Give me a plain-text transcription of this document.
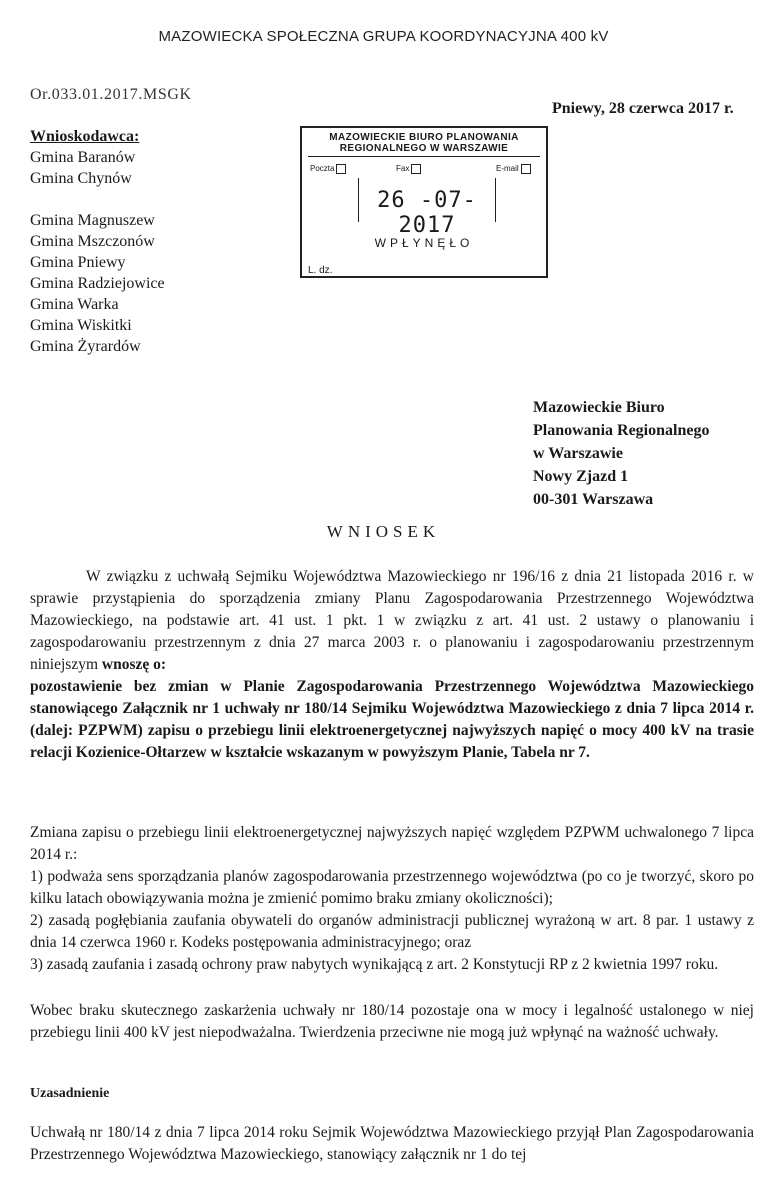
MAZOWIECKA SPOŁECZNA GRUPA KOORDYNACYJNA 400 kV
Or.033.01.2017.MSGK
Pniewy, 28 czerwca 2017 r.
Wnioskodawca:
Gmina Baranów
Gmina Chynów
Gmina Magnuszew
Gmina Mszczonów
Gmina Pniewy
Gmina Radziejowice
Gmina Warka
Gmina Wiskitki
Gmina Żyrardów
MAZOWIECKIE BIURO PLANOWANIA
REGIONALNEGO W WARSZAWIE
Poczta	Fax	E-mail
26 -07- 2017
WPŁYNĘŁO
L. dz.
Mazowieckie Biuro
Planowania Regionalnego
w Warszawie
Nowy Zjazd 1
00-301 Warszawa
WNIOSEK
W związku z uchwałą Sejmiku Województwa Mazowieckiego nr 196/16 z dnia 21 listopada 2016 r. w sprawie przystąpienia do sporządzenia zmiany Planu Zagospodarowania Przestrzennego Województwa Mazowieckiego, na podstawie art. 41 ust. 1 pkt. 1 w związku z art. 41 ust. 2 ustawy o planowaniu i zagospodarowaniu przestrzennym z dnia 27 marca 2003 r. o planowaniu i zagospodarowaniu przestrzennym niniejszym wnoszę o:
pozostawienie bez zmian w Planie Zagospodarowania Przestrzennego Województwa Mazowieckiego stanowiącego Załącznik nr 1 uchwały nr 180/14 Sejmiku Województwa Mazowieckiego z dnia 7 lipca 2014 r. (dalej: PZPWM) zapisu o przebiegu linii elektroenergetycznej najwyższych napięć o mocy 400 kV na trasie relacji Kozienice-Ołtarzew w kształcie wskazanym w powyższym Planie, Tabela nr 7.
Zmiana zapisu o przebiegu linii elektroenergetycznej najwyższych napięć względem PZPWM uchwalonego 7 lipca 2014 r.:
1) podważa sens sporządzania planów zagospodarowania przestrzennego województwa (po co je tworzyć, skoro po kilku latach obowiązywania można je zmienić pomimo braku zmiany okoliczności);
2) zasadą pogłębiania zaufania obywateli do organów administracji publicznej wyrażoną w art. 8 par. 1 ustawy z dnia 14 czerwca 1960 r. Kodeks postępowania administracyjnego; oraz
3) zasadą zaufania i zasadą ochrony praw nabytych wynikającą z art. 2 Konstytucji RP z 2 kwietnia 1997 roku.
Wobec braku skutecznego zaskarżenia uchwały nr 180/14 pozostaje ona w mocy i legalność ustalonego w niej przebiegu linii 400 kV jest niepodważalna. Twierdzenia przeciwne nie mogą już wpłynąć na ważność uchwały.
Uzasadnienie
Uchwałą nr 180/14 z dnia 7 lipca 2014 roku Sejmik Województwa Mazowieckiego przyjął Plan Zagospodarowania Przestrzennego Województwa Mazowieckiego, stanowiący załącznik nr 1 do tej
